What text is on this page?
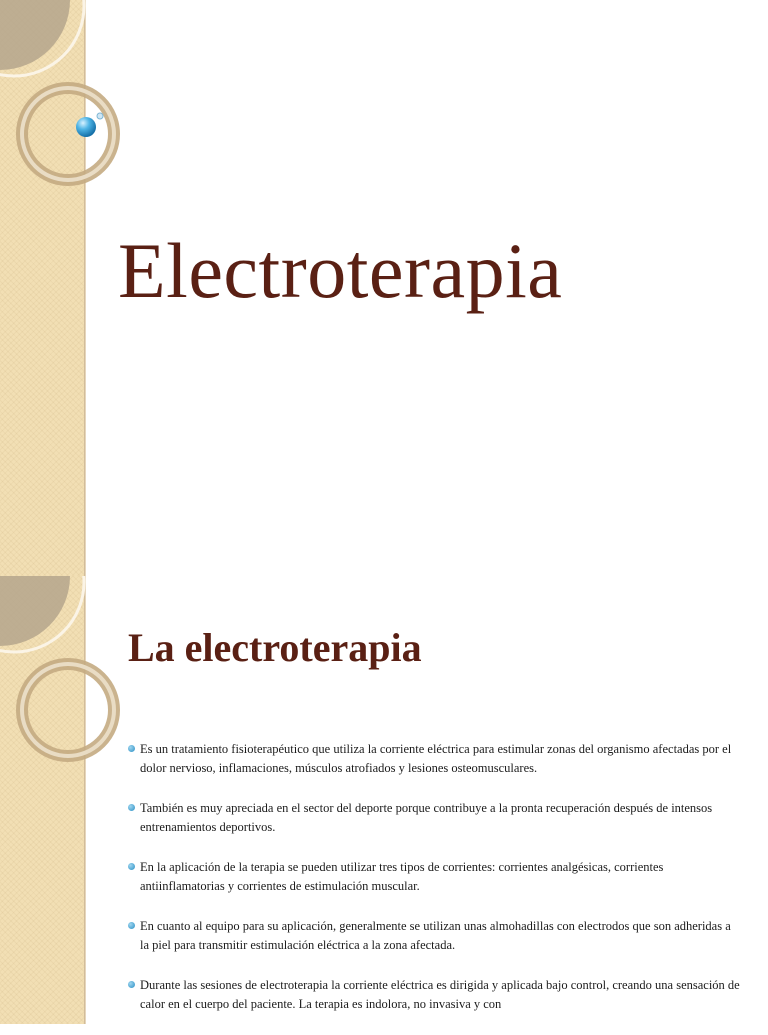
Electroterapia
La electroterapia
Es un tratamiento fisioterapéutico que utiliza la corriente eléctrica para estimular zonas del organismo afectadas por el dolor nervioso, inflamaciones, músculos atrofiados y lesiones osteomusculares.
También es muy apreciada en el sector del deporte porque contribuye a la pronta recuperación después de intensos entrenamientos deportivos.
En la aplicación de la terapia se pueden utilizar tres tipos de corrientes: corrientes analgésicas, corrientes antiinflamatorias y corrientes de estimulación muscular.
En cuanto al equipo para su aplicación, generalmente se utilizan unas almohadillas con electrodos que son adheridas a la piel para transmitir estimulación eléctrica a la zona afectada.
Durante las sesiones de electroterapia la corriente eléctrica es dirigida y aplicada bajo control, creando una sensación de calor en el cuerpo del paciente. La terapia es indolora, no invasiva y con
